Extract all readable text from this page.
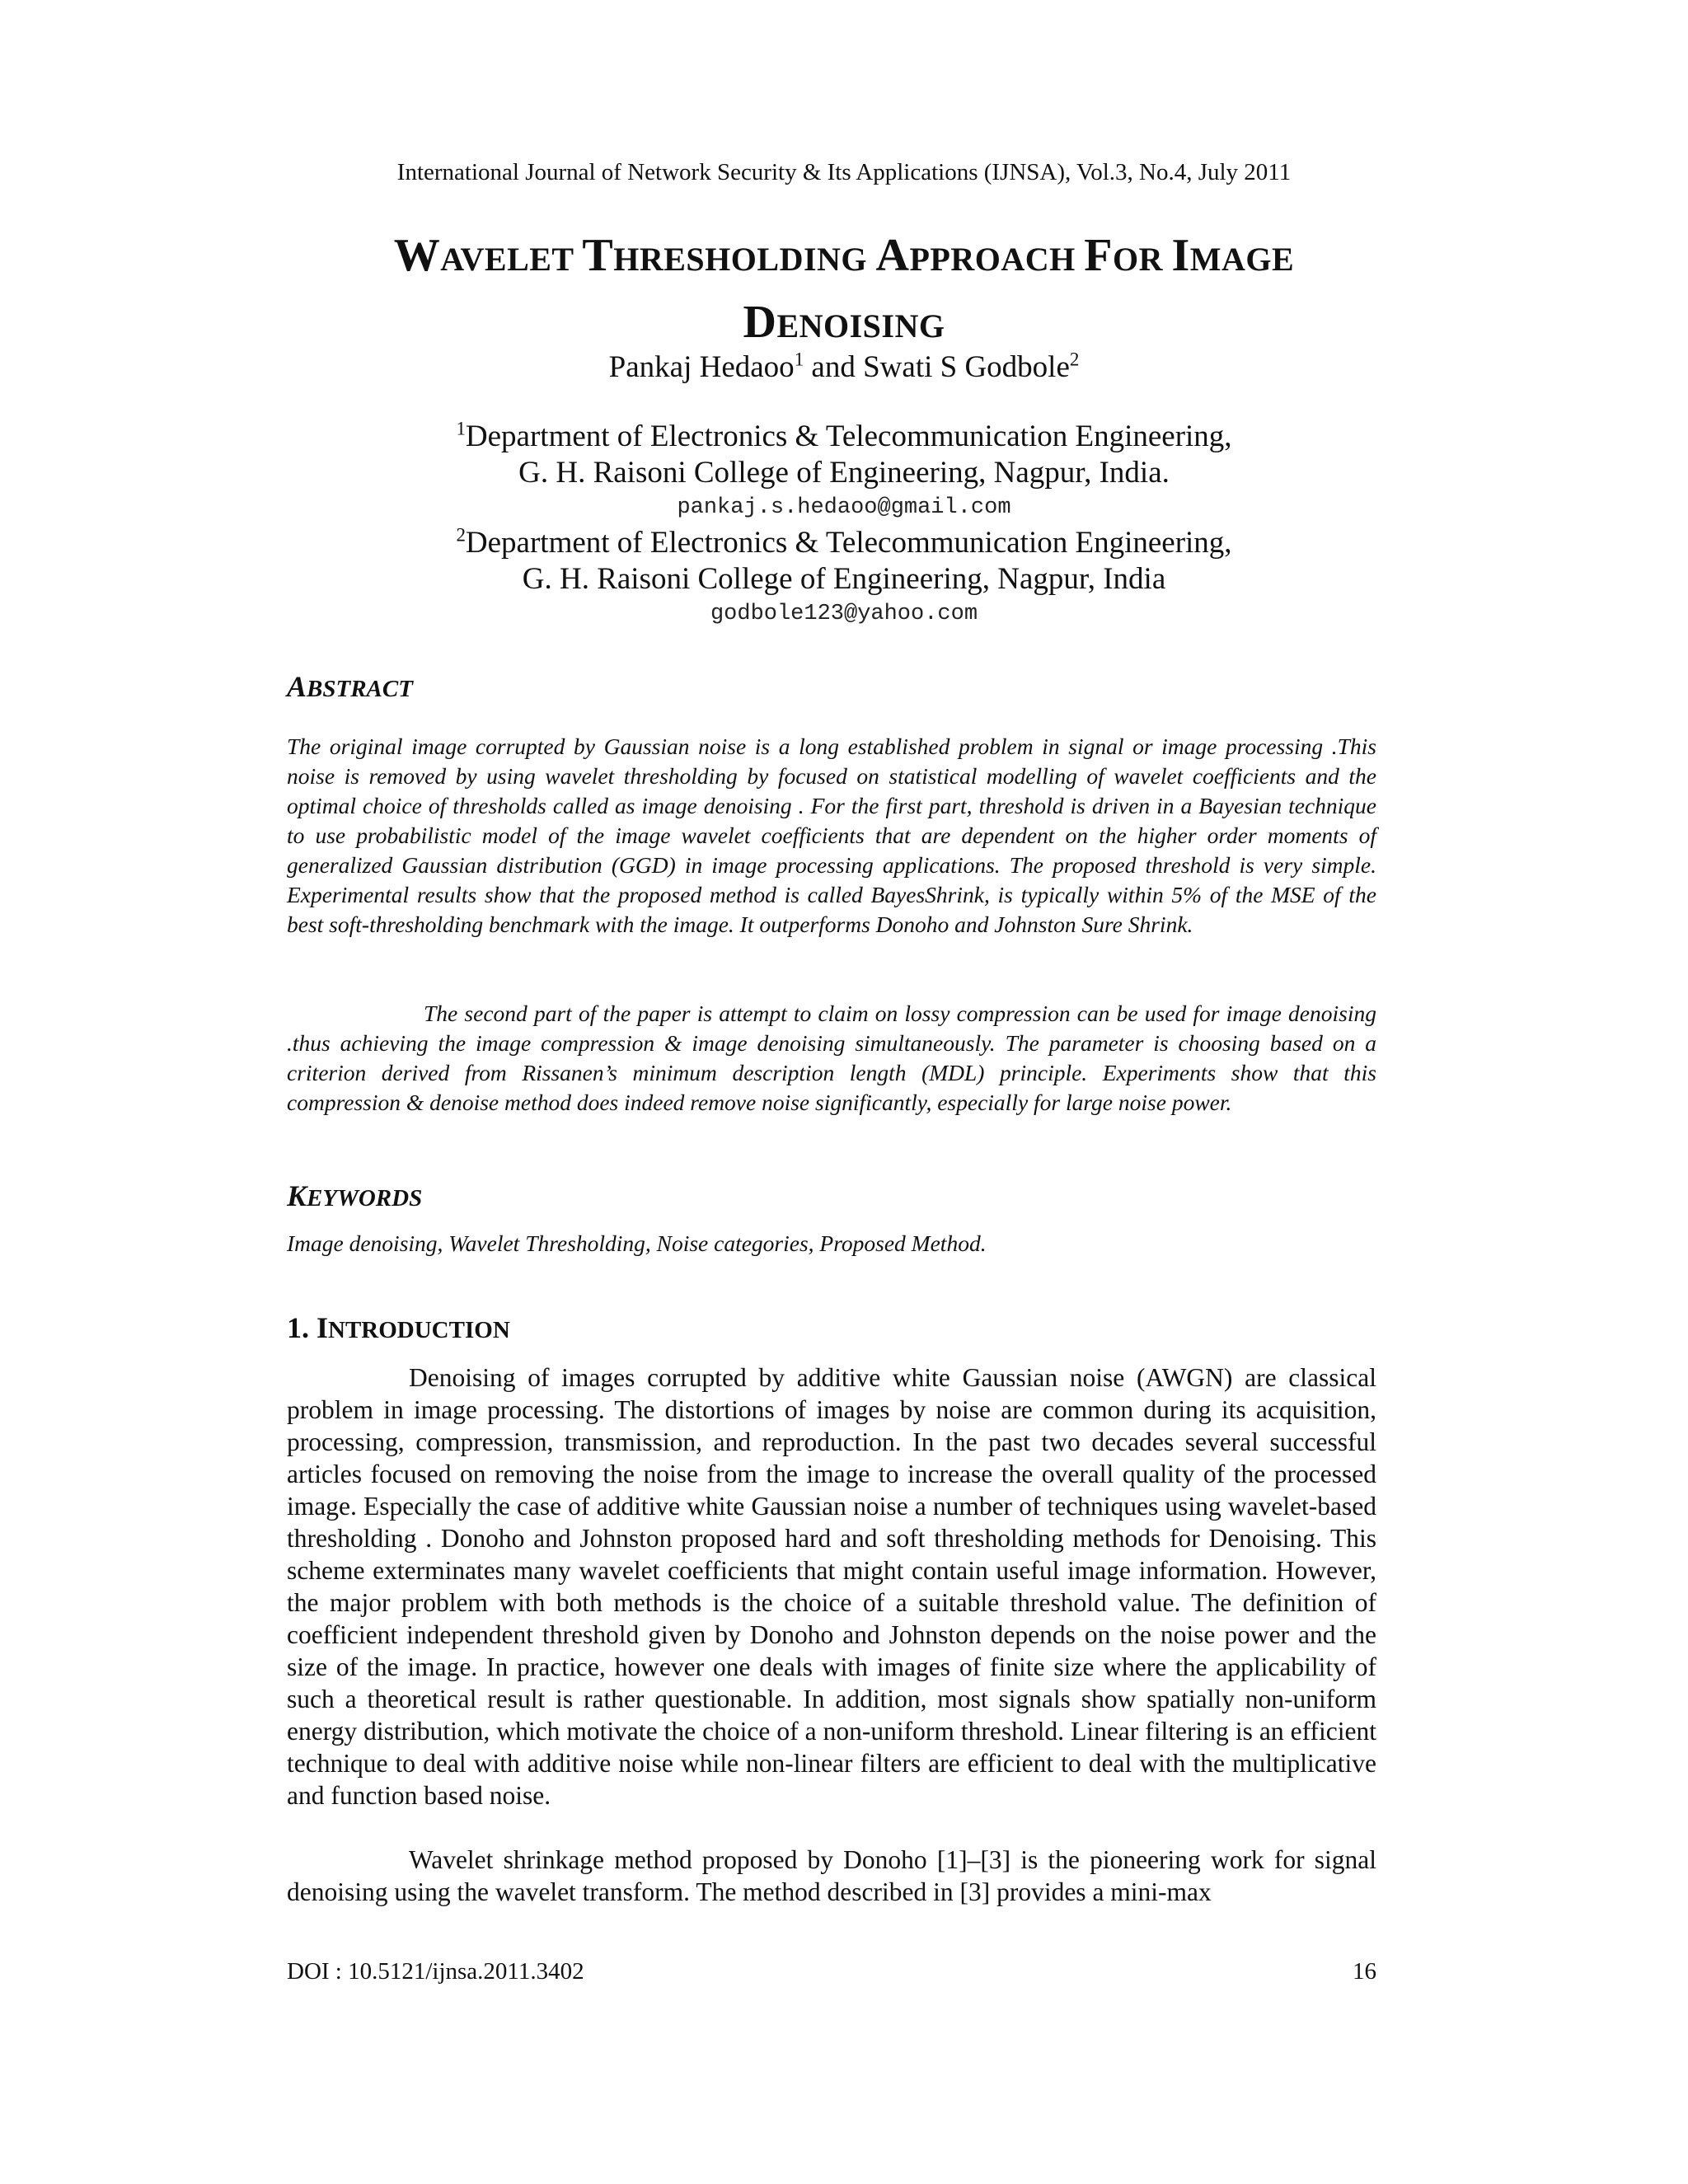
International Journal of Network Security & Its Applications (IJNSA), Vol.3, No.4, July 2011
WAVELET THRESHOLDING APPROACH FOR IMAGE
DENOISING
Pankaj Hedaoo$^1$ and Swati S Godbole$^2$
$^1$Department of Electronics & Telecommunication Engineering,
G. H. Raisoni College of Engineering, Nagpur, India.
pankaj.s.hedaoo@gmail.com
$^2$Department of Electronics & Telecommunication Engineering,
G. H. Raisoni College of Engineering, Nagpur, India
godbole123@yahoo.com
ABSTRACT
The original image corrupted by Gaussian noise is a long established problem in signal or image processing .This noise is removed by using wavelet thresholding by focused on statistical modelling of wavelet coefficients and the optimal choice of thresholds called as image denoising . For the first part, threshold is driven in a Bayesian technique to use probabilistic model of the image wavelet coefficients that are dependent on the higher order moments of generalized Gaussian distribution (GGD) in image processing applications. The proposed threshold is very simple. Experimental results show that the proposed method is called BayesShrink, is typically within 5% of the MSE of the best soft-thresholding benchmark with the image. It outperforms Donoho and Johnston Sure Shrink.
The second part of the paper is attempt to claim on lossy compression can be used for image denoising .thus achieving the image compression & image denoising simultaneously. The parameter is choosing based on a criterion derived from Rissanen’s minimum description length (MDL) principle. Experiments show that this compression & denoise method does indeed remove noise significantly, especially for large noise power.
KEYWORDS
Image denoising, Wavelet Thresholding, Noise categories, Proposed Method.
1. INTRODUCTION
Denoising of images corrupted by additive white Gaussian noise (AWGN) are classical problem in image processing. The distortions of images by noise are common during its acquisition, processing, compression, transmission, and reproduction. In the past two decades several successful articles focused on removing the noise from the image to increase the overall quality of the processed image. Especially the case of additive white Gaussian noise a number of techniques using wavelet-based thresholding . Donoho and Johnston proposed hard and soft thresholding methods for Denoising. This scheme exterminates many wavelet coefficients that might contain useful image information. However, the major problem with both methods is the choice of a suitable threshold value. The definition of coefficient independent threshold given by Donoho and Johnston depends on the noise power and the size of the image. In practice, however one deals with images of finite size where the applicability of such a theoretical result is rather questionable. In addition, most signals show spatially non-uniform energy distribution, which motivate the choice of a non-uniform threshold. Linear filtering is an efficient technique to deal with additive noise while non-linear filters are efficient to deal with the multiplicative and function based noise.
Wavelet shrinkage method proposed by Donoho [1]–[3] is the pioneering work for signal denoising using the wavelet transform. The method described in [3] provides a mini-max
DOI : 10.5121/ijnsa.2011.3402	16
